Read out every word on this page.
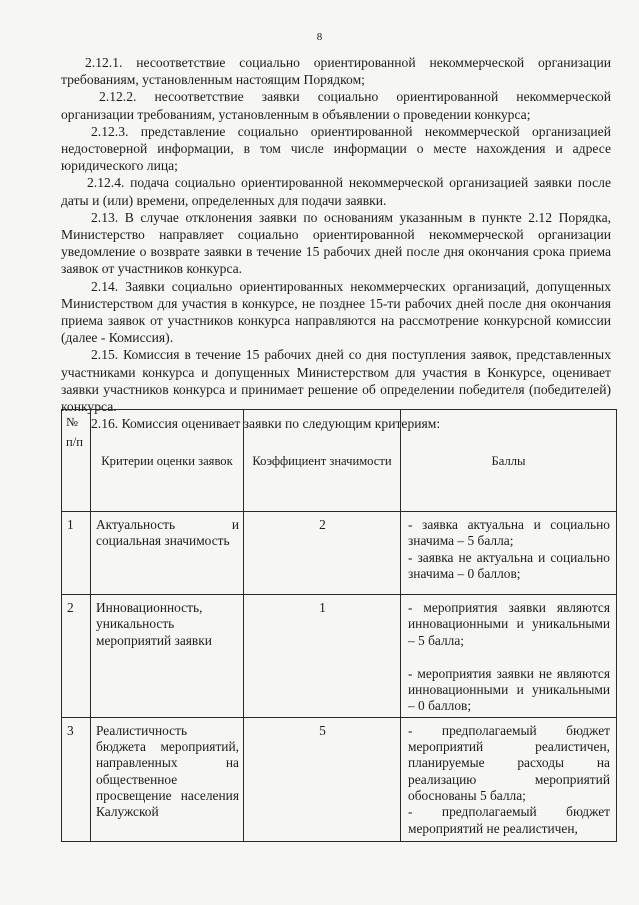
8

2.12.1. несоответствие социально ориентированной некоммерческой организации требованиям, установленным настоящим Порядком;

2.12.2. несоответствие заявки социально ориентированной некоммерческой организации требованиям, установленным в объявлении о проведении конкурса;

2.12.3. представление социально ориентированной некоммерческой организацией недостоверной информации, в том числе информации о месте нахождения и адресе юридического лица;

2.12.4. подача социально ориентированной некоммерческой организацией заявки после даты и (или) времени, определенных для подачи заявки.

2.13. В случае отклонения заявки по основаниям указанным в пункте 2.12 Порядка, Министерство направляет социально ориентированной некоммерческой организации уведомление о возврате заявки в течение 15 рабочих дней после дня окончания срока приема заявок от участников конкурса.

2.14. Заявки социально ориентированных некоммерческих организаций, допущенных Министерством для участия в конкурсе, не позднее 15-ти рабочих дней после дня окончания приема заявок от участников конкурса направляются на рассмотрение конкурсной комиссии (далее - Комиссия).

2.15. Комиссия в течение 15 рабочих дней со дня поступления заявок, представленных участниками конкурса и допущенных Министерством для участия в Конкурсе, оценивает заявки участников конкурса и принимает решение об определении победителя (победителей) конкурса.

2.16. Комиссия оценивает заявки по следующим критериям:

№ п/п	Критерии оценки заявок	Коэффициент значимости	Баллы
1	Актуальность и социальная значимость	2	- заявка актуальна и социально значима – 5 балла;
- заявка не актуальна и социально значима – 0 баллов;

2	Инновационность, уникальность мероприятий заявки	1	- мероприятия заявки являются инновационными и уникальными – 5 балла;
- мероприятия заявки не являются инновационными и уникальными – 0 баллов;

3	Реалистичность бюджета мероприятий, направленных на общественное просвещение населения Калужской	5	- предполагаемый бюджет мероприятий реалистичен, планируемые расходы на реализацию мероприятий обоснованы 5 балла;
- предполагаемый бюджет мероприятий не реалистичен,
